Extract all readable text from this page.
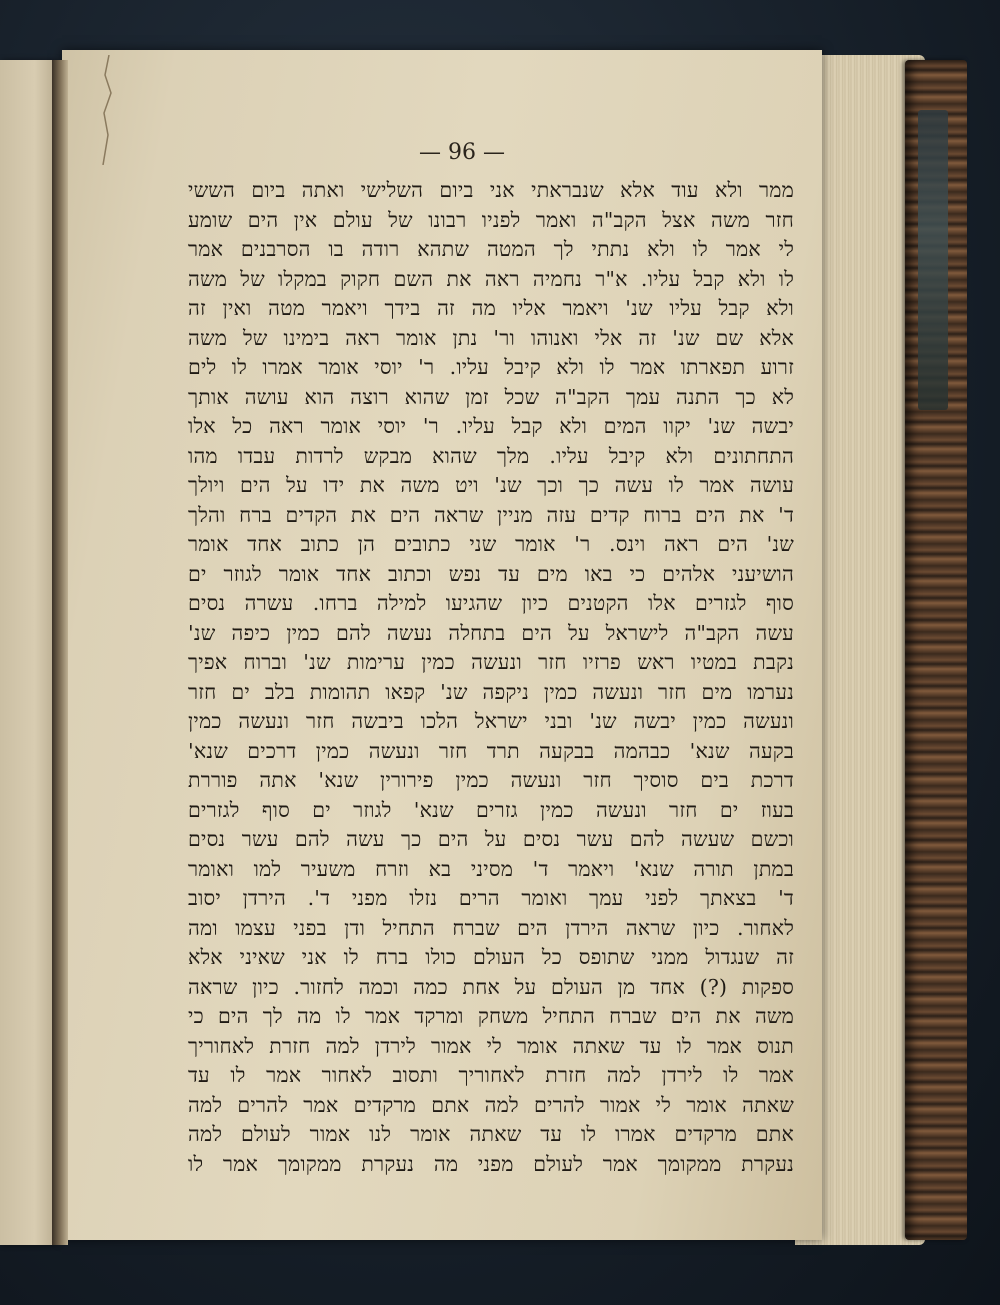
— 96 —
ממר ולא עוד אלא שנבראתי אני ביום השלישי ואתה ביום הששי
חזר משה אצל הקב"ה ואמר לפניו רבונו של עולם אין הים שומע
לי אמר לו ולא נתתי לך המטה שתהא רודה בו הסרבנים אמר
לו ולא קבל עליו. א"ר נחמיה ראה את השם חקוק במקלו של משה
ולא קבל עליו שנ' ויאמר אליו מה זה בידך ויאמר מטה ואין זה
אלא שם שנ' זה אלי ואנוהו ור' נתן אומר ראה בימינו של משה
זרוע תפארתו אמר לו ולא קיבל עליו. ר' יוסי אומר אמרו לו לים
לא כך התנה עמך הקב"ה שכל זמן שהוא רוצה הוא עושה אותך
יבשה שנ' יקוו המים ולא קבל עליו. ר' יוסי אומר ראה כל אלו
התחתונים ולא קיבל עליו. מלך שהוא מבקש לרדות עבדו מהו
עושה אמר לו עשה כך וכך שנ' ויט משה את ידו על הים ויולך
ד' את הים ברוח קדים עזה מניין שראה הים את הקדים ברח והלך
שנ' הים ראה וינס. ר' אומר שני כתובים הן כתוב אחד אומר
הושיעני אלהים כי באו מים עד נפש וכתוב אחד אומר לגוזר ים
סוף לגזרים אלו הקטנים כיון שהגיעו למילה ברחו. עשרה נסים
עשה הקב"ה לישראל על הים בתחלה נעשה להם כמין כיפה שנ'
נקבת במטיו ראש פרזיו חזר ונעשה כמין ערימות שנ' וברוח אפיך
נערמו מים חזר ונעשה כמין ניקפה שנ' קפאו תהומות בלב ים חזר
ונעשה כמין יבשה שנ' ובני ישראל הלכו ביבשה חזר ונעשה כמין
בקעה שנא' כבהמה בבקעה תרד חזר ונעשה כמין דרכים שנא'
דרכת בים סוסיך חזר ונעשה כמין פירורין שנא' אתה פוררת
בעוז ים חזר ונעשה כמין גזרים שנא' לגוזר ים סוף לגזרים
וכשם שעשה להם עשר נסים על הים כך עשה להם עשר נסים
במתן תורה שנא' ויאמר ד' מסיני בא וזרח משעיר למו ואומר
ד' בצאתך לפני עמך ואומר הרים נזלו מפני ד'. הירדן יסוב
לאחור. כיון שראה הירדן הים שברח התחיל ודן בפני עצמו ומה
זה שנגדול ממני שתופס כל העולם כולו ברח לו אני שאיני אלא
ספקות (?) אחד מן העולם על אחת כמה וכמה לחזור. כיון שראה
משה את הים שברח התחיל משחק ומרקד אמר לו מה לך הים כי
תנוס אמר לו עד שאתה אומר לי אמור לירדן למה חזרת לאחוריך
אמר לו לירדן למה חזרת לאחוריך ותסוב לאחור אמר לו עד
שאתה אומר לי אמור להרים למה אתם מרקדים אמר להרים למה
אתם מרקדים אמרו לו עד שאתה אומר לנו אמור לעולם למה
נעקרת ממקומך אמר לעולם מפני מה נעקרת ממקומך אמר לו
